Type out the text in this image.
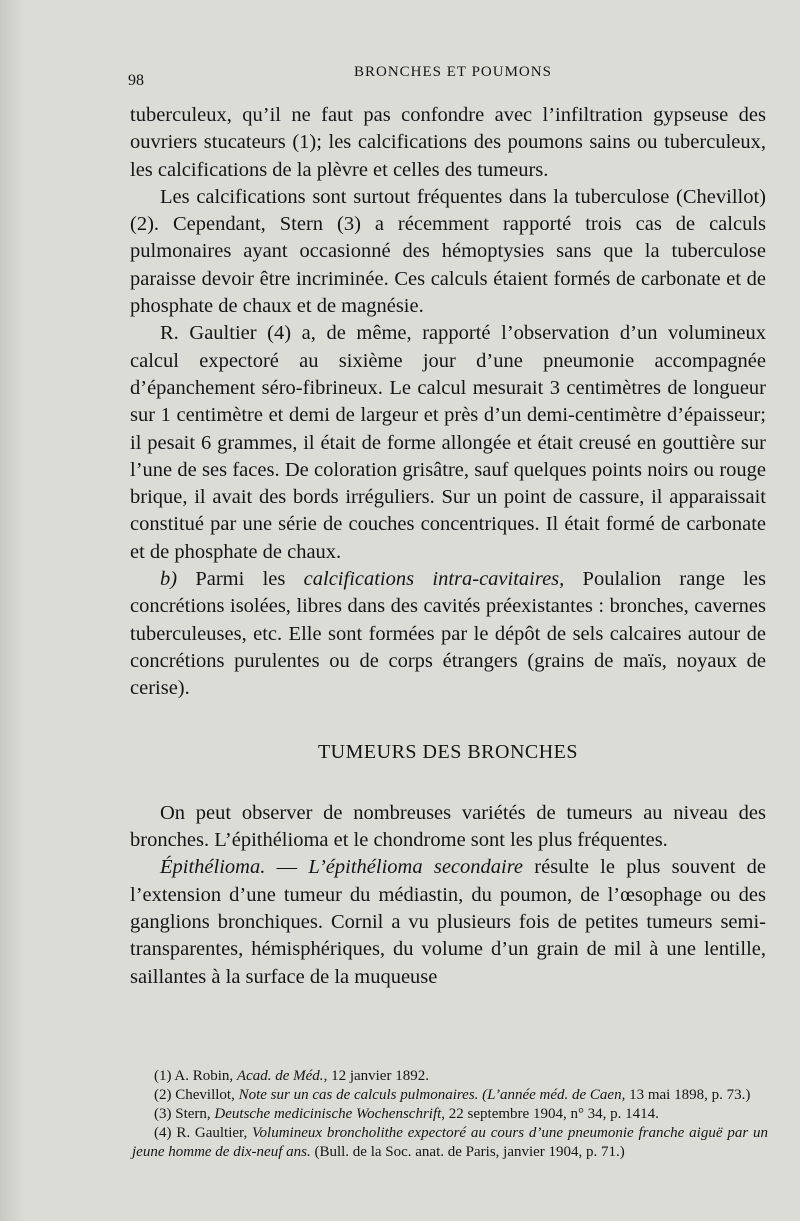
98	BRONCHES ET POUMONS

tuberculeux, qu’il ne faut pas confondre avec l’infiltration gypseuse des ouvriers stucateurs (1); les calcifications des poumons sains ou tuberculeux, les calcifications de la plèvre et celles des tumeurs.

Les calcifications sont surtout fréquentes dans la tuberculose (Chevillot) (2). Cependant, Stern (3) a récemment rapporté trois cas de calculs pulmonaires ayant occasionné des hémoptysies sans que la tuberculose paraisse devoir être incriminée. Ces calculs étaient formés de carbonate et de phosphate de chaux et de magnésie.

R. Gaultier (4) a, de même, rapporté l’observation d’un volumineux calcul expectoré au sixième jour d’une pneumonie accompagnée d’épanchement séro-fibrineux. Le calcul mesurait 3 centimètres de longueur sur 1 centimètre et demi de largeur et près d’un demi-centimètre d’épaisseur; il pesait 6 grammes, il était de forme allongée et était creusé en gouttière sur l’une de ses faces. De coloration grisâtre, sauf quelques points noirs ou rouge brique, il avait des bords irréguliers. Sur un point de cassure, il apparaissait constitué par une série de couches concentriques. Il était formé de carbonate et de phosphate de chaux.

b) Parmi les calcifications intra-cavitaires, Poulalion range les concrétions isolées, libres dans des cavités préexistantes : bronches, cavernes tuberculeuses, etc. Elle sont formées par le dépôt de sels calcaires autour de concrétions purulentes ou de corps étrangers (grains de maïs, noyaux de cerise).

TUMEURS DES BRONCHES

On peut observer de nombreuses variétés de tumeurs au niveau des bronches. L’épithélioma et le chondrome sont les plus fréquentes.

Épithélioma. — L’épithélioma secondaire résulte le plus souvent de l’extension d’une tumeur du médiastin, du poumon, de l’œsophage ou des ganglions bronchiques. Cornil a vu plusieurs fois de petites tumeurs semi-transparentes, hémisphériques, du volume d’un grain de mil à une lentille, saillantes à la surface de la muqueuse

(1) A. Robin, Acad. de Méd., 12 janvier 1892.

(2) Chevillot, Note sur un cas de calculs pulmonaires. (L’année méd. de Caen, 13 mai 1898, p. 73.)

(3) Stern, Deutsche medicinische Wochenschrift, 22 septembre 1904, n° 34, p. 1414.

(4) R. Gaultier, Volumineux broncholithe expectoré au cours d’une pneumonie franche aiguë par un jeune homme de dix-neuf ans. (Bull. de la Soc. anat. de Paris, janvier 1904, p. 71.)
